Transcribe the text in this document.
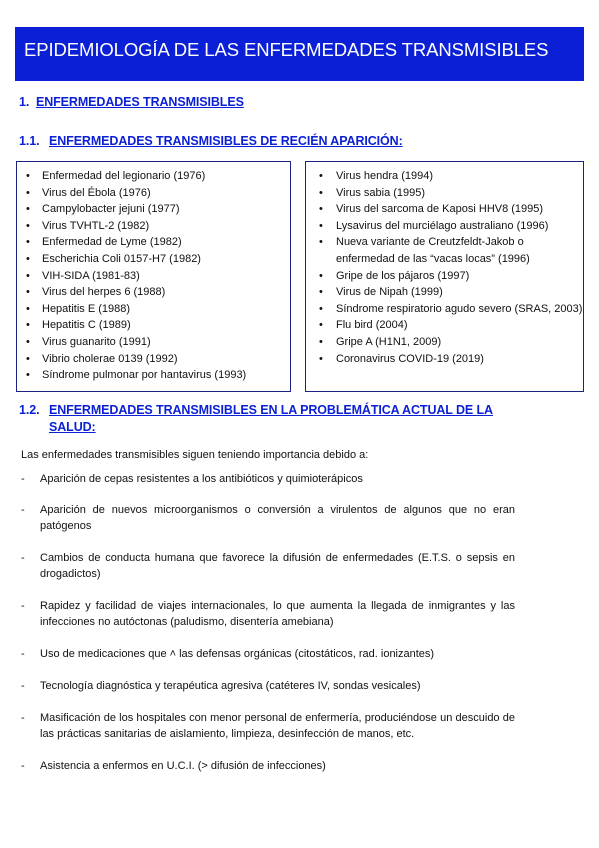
EPIDEMIOLOGÍA DE LAS ENFERMEDADES TRANSMISIBLES
1. ENFERMEDADES TRANSMISIBLES
1.1. ENFERMEDADES TRANSMISIBLES DE RECIÉN APARICIÓN:
• Enfermedad del legionario (1976)
• Virus del Ébola (1976)
• Campylobacter jejuni (1977)
• Virus TVHTL-2 (1982)
• Enfermedad de Lyme (1982)
• Escherichia Coli 0157-H7 (1982)
• VIH-SIDA (1981-83)
• Virus del herpes 6 (1988)
• Hepatitis E (1988)
• Hepatitis C (1989)
• Virus guanarito (1991)
• Vibrio cholerae 0139 (1992)
• Síndrome pulmonar por hantavirus (1993)
• Virus hendra (1994)
• Virus sabia (1995)
• Virus del sarcoma de Kaposi HHV8 (1995)
• Lysavirus del murciélago australiano (1996)
• Nueva variante de Creutzfeldt-Jakob o enfermedad de las “vacas locas” (1996)
• Gripe de los pájaros (1997)
• Virus de Nipah (1999)
• Síndrome respiratorio agudo severo (SRAS, 2003)
• Flu bird (2004)
• Gripe A (H1N1, 2009)
• Coronavirus COVID-19 (2019)
1.2. ENFERMEDADES TRANSMISIBLES EN LA PROBLEMÁTICA ACTUAL DE LA SALUD:
Las enfermedades transmisibles siguen teniendo importancia debido a:
-	Aparición de cepas resistentes a los antibióticos y quimioterápicos
-	Aparición de nuevos microorganismos o conversión a virulentos de algunos que no eran patógenos
-	Cambios de conducta humana que favorece la difusión de enfermedades (E.T.S. o sepsis en drogadictos)
-	Rapidez y facilidad de viajes internacionales, lo que aumenta la llegada de inmigrantes y las infecciones no autóctonas (paludismo, disentería amebiana)
-	Uso de medicaciones que ˄ las defensas orgánicas (citostáticos, rad. ionizantes)
-	Tecnología diagnóstica y terapéutica agresiva (catéteres IV, sondas vesicales)
-	Masificación de los hospitales con menor personal de enfermería, produciéndose un descuido de las prácticas sanitarias de aislamiento, limpieza, desinfección de manos, etc.
-	Asistencia a enfermos en U.C.I. (> difusión de infecciones)
